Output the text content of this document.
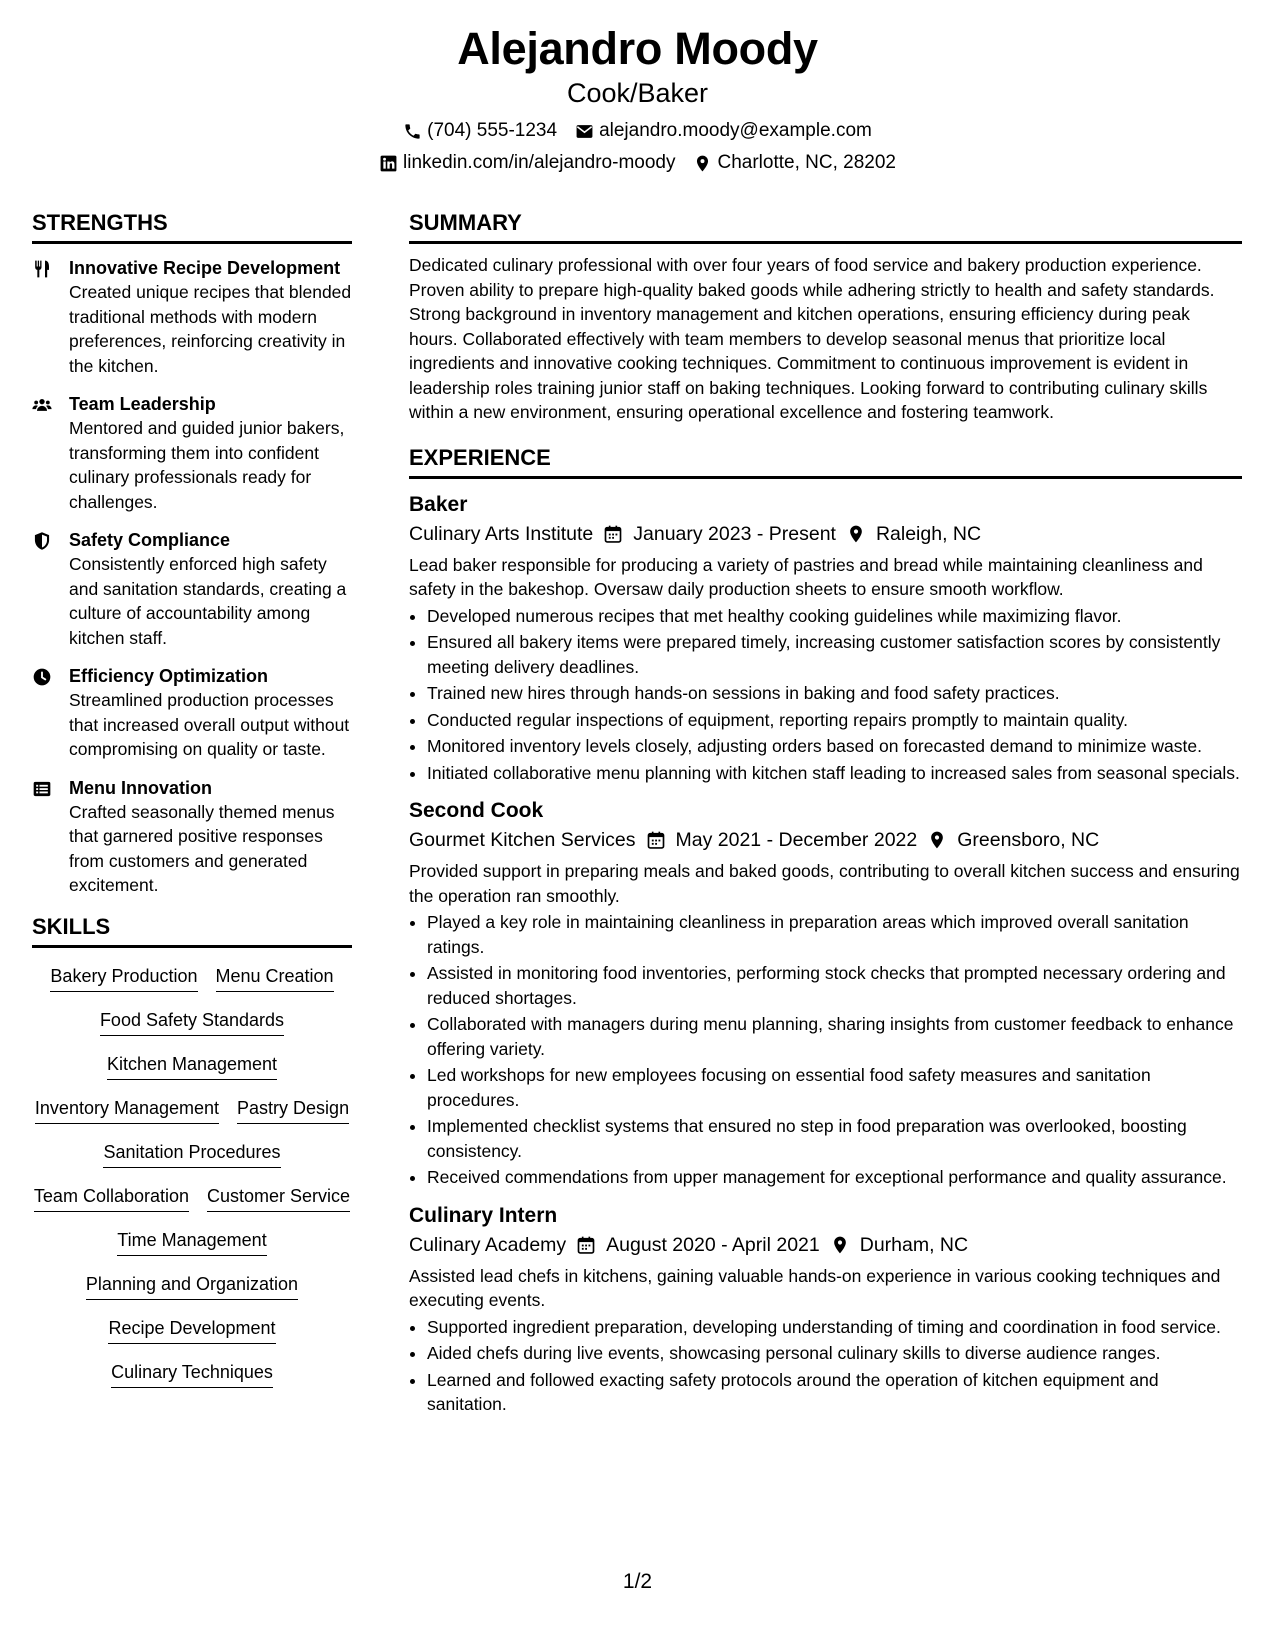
Alejandro Moody
Cook/Baker
(704) 555-1234 alejandro.moody@example.com
linkedin.com/in/alejandro-moody Charlotte, NC, 28202
STRENGTHS
Innovative Recipe Development
Created unique recipes that blended traditional methods with modern preferences, reinforcing creativity in the kitchen.
Team Leadership
Mentored and guided junior bakers, transforming them into confident culinary professionals ready for challenges.
Safety Compliance
Consistently enforced high safety and sanitation standards, creating a culture of accountability among kitchen staff.
Efficiency Optimization
Streamlined production processes that increased overall output without compromising on quality or taste.
Menu Innovation
Crafted seasonally themed menus that garnered positive responses from customers and generated excitement.
SKILLS
Bakery Production Menu Creation
Food Safety Standards
Kitchen Management
Inventory Management Pastry Design
Sanitation Procedures
Team Collaboration Customer Service
Time Management
Planning and Organization
Recipe Development
Culinary Techniques
SUMMARY
Dedicated culinary professional with over four years of food service and bakery production experience. Proven ability to prepare high-quality baked goods while adhering strictly to health and safety standards. Strong background in inventory management and kitchen operations, ensuring efficiency during peak hours. Collaborated effectively with team members to develop seasonal menus that prioritize local ingredients and innovative cooking techniques. Commitment to continuous improvement is evident in leadership roles training junior staff on baking techniques. Looking forward to contributing culinary skills within a new environment, ensuring operational excellence and fostering teamwork.
EXPERIENCE
Baker
Culinary Arts Institute January 2023 - Present Raleigh, NC
Lead baker responsible for producing a variety of pastries and bread while maintaining cleanliness and safety in the bakeshop. Oversaw daily production sheets to ensure smooth workflow.
• Developed numerous recipes that met healthy cooking guidelines while maximizing flavor.
• Ensured all bakery items were prepared timely, increasing customer satisfaction scores by consistently meeting delivery deadlines.
• Trained new hires through hands-on sessions in baking and food safety practices.
• Conducted regular inspections of equipment, reporting repairs promptly to maintain quality.
• Monitored inventory levels closely, adjusting orders based on forecasted demand to minimize waste.
• Initiated collaborative menu planning with kitchen staff leading to increased sales from seasonal specials.
Second Cook
Gourmet Kitchen Services May 2021 - December 2022 Greensboro, NC
Provided support in preparing meals and baked goods, contributing to overall kitchen success and ensuring the operation ran smoothly.
• Played a key role in maintaining cleanliness in preparation areas which improved overall sanitation ratings.
• Assisted in monitoring food inventories, performing stock checks that prompted necessary ordering and reduced shortages.
• Collaborated with managers during menu planning, sharing insights from customer feedback to enhance offering variety.
• Led workshops for new employees focusing on essential food safety measures and sanitation procedures.
• Implemented checklist systems that ensured no step in food preparation was overlooked, boosting consistency.
• Received commendations from upper management for exceptional performance and quality assurance.
Culinary Intern
Culinary Academy August 2020 - April 2021 Durham, NC
Assisted lead chefs in kitchens, gaining valuable hands-on experience in various cooking techniques and executing events.
• Supported ingredient preparation, developing understanding of timing and coordination in food service.
• Aided chefs during live events, showcasing personal culinary skills to diverse audience ranges.
• Learned and followed exacting safety protocols around the operation of kitchen equipment and sanitation.
1/2
